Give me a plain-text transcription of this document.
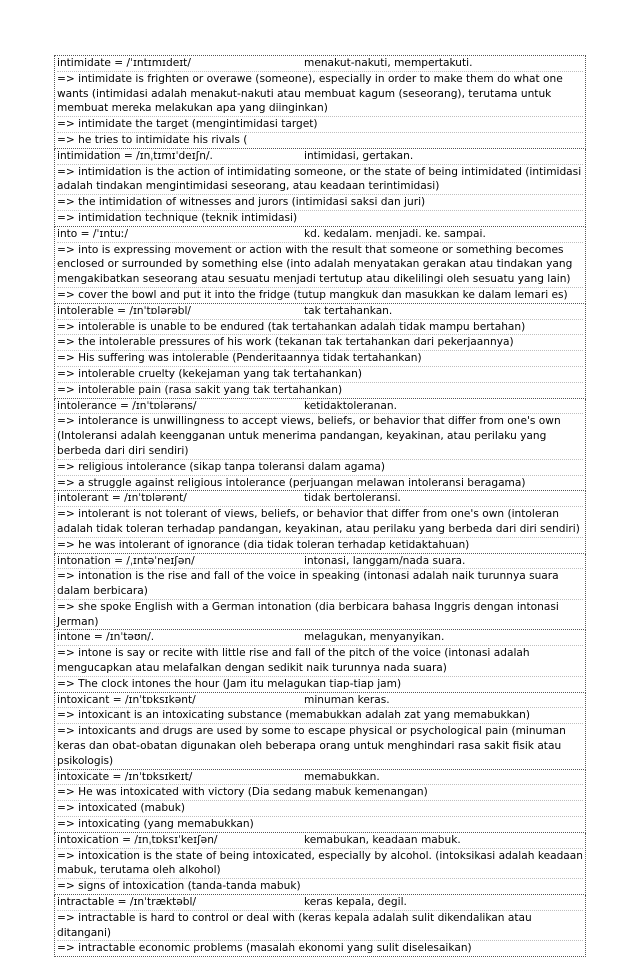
intimidate = /ˈɪntɪmɪdeɪt/	menakut-nakuti, mempertakuti.
=> intimidate is frighten or overawe (someone), especially in order to make them do what one wants (intimidasi adalah menakut-nakuti atau membuat kagum (seseorang), terutama untuk membuat mereka melakukan apa yang diinginkan)
=> intimidate the target (mengintimidasi target)
=> he tries to intimidate his rivals (
intimidation = /ɪnˌtɪmɪˈdeɪʃn/.	intimidasi, gertakan.
=> intimidation is the action of intimidating someone, or the state of being intimidated (intimidasi adalah tindakan mengintimidasi seseorang, atau keadaan terintimidasi)
=> the intimidation of witnesses and jurors (intimidasi saksi dan juri)
=> intimidation technique (teknik intimidasi)
into = /ˈɪntuː/	kd. kedalam. menjadi. ke. sampai.
=> into is expressing movement or action with the result that someone or something becomes enclosed or surrounded by something else (into adalah menyatakan gerakan atau tindakan yang mengakibatkan seseorang atau sesuatu menjadi tertutup atau dikelilingi oleh sesuatu yang lain)
=> cover the bowl and put it into the fridge (tutup mangkuk dan masukkan ke dalam lemari es)
intolerable = /ɪnˈtɒlərəbl/	tak tertahankan.
=> intolerable is unable to be endured (tak tertahankan adalah tidak mampu bertahan)
=> the intolerable pressures of his work (tekanan tak tertahankan dari pekerjaannya)
=> His suffering was intolerable (Penderitaannya tidak tertahankan)
=> intolerable cruelty (kekejaman yang tak tertahankan)
=> intolerable pain (rasa sakit yang tak tertahankan)
intolerance = /ɪnˈtɒlərəns/	ketidaktoleranan.
=> intolerance is unwillingness to accept views, beliefs, or behavior that differ from one's own (Intoleransi adalah keengganan untuk menerima pandangan, keyakinan, atau perilaku yang berbeda dari diri sendiri)
=> religious intolerance (sikap tanpa toleransi dalam agama)
=> a struggle against religious intolerance (perjuangan melawan intoleransi beragama)
intolerant = /ɪnˈtɒlərənt/	tidak bertoleransi.
=> intolerant is not tolerant of views, beliefs, or behavior that differ from one's own (intoleran adalah tidak toleran terhadap pandangan, keyakinan, atau perilaku yang berbeda dari diri sendiri)
=> he was intolerant of ignorance (dia tidak toleran terhadap ketidaktahuan)
intonation = /ˌɪntəˈneɪʃən/	intonasi, langgam/nada suara.
=> intonation is the rise and fall of the voice in speaking (intonasi adalah naik turunnya suara dalam berbicara)
=> she spoke English with a German intonation (dia berbicara bahasa Inggris dengan intonasi Jerman)
intone = /ɪnˈtəʊn/.	melagukan, menyanyikan.
=> intone is say or recite with little rise and fall of the pitch of the voice (intonasi adalah mengucapkan atau melafalkan dengan sedikit naik turunnya nada suara)
=> The clock intones the hour (Jam itu melagukan tiap-tiap jam)
intoxicant = /ɪnˈtɒksɪkənt/	minuman keras.
=> intoxicant is an intoxicating substance (memabukkan adalah zat yang memabukkan)
=> intoxicants and drugs are used by some to escape physical or psychological pain (minuman keras dan obat-obatan digunakan oleh beberapa orang untuk menghindari rasa sakit fisik atau psikologis)
intoxicate = /ɪnˈtɒksɪkeɪt/	memabukkan.
=> He was intoxicated with victory (Dia sedang mabuk kemenangan)
=> intoxicated (mabuk)
=> intoxicating (yang memabukkan)
intoxication = /ɪnˌtɒksɪˈkeɪʃən/	kemabukan, keadaan mabuk.
=> intoxication is the state of being intoxicated, especially by alcohol. (intoksikasi adalah keadaan mabuk, terutama oleh alkohol)
=> signs of intoxication (tanda-tanda mabuk)
intractable = /ɪnˈtræktəbl/	keras kepala, degil.
=> intractable is hard to control or deal with (keras kepala adalah sulit dikendalikan atau ditangani)
=> intractable economic problems (masalah ekonomi yang sulit diselesaikan)
